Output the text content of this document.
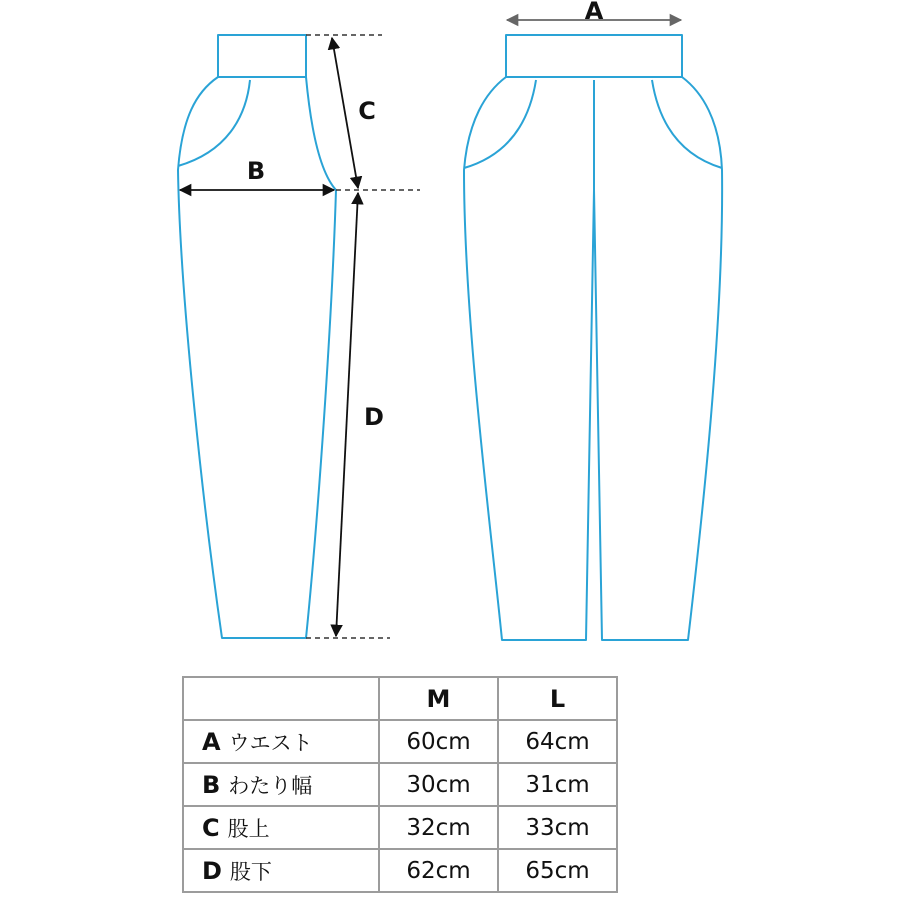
A
B
C
D
	M	L
A ウエスト	60cm	64cm
B わたり幅	30cm	31cm
C 股上	32cm	33cm
D 股下	62cm	65cm
